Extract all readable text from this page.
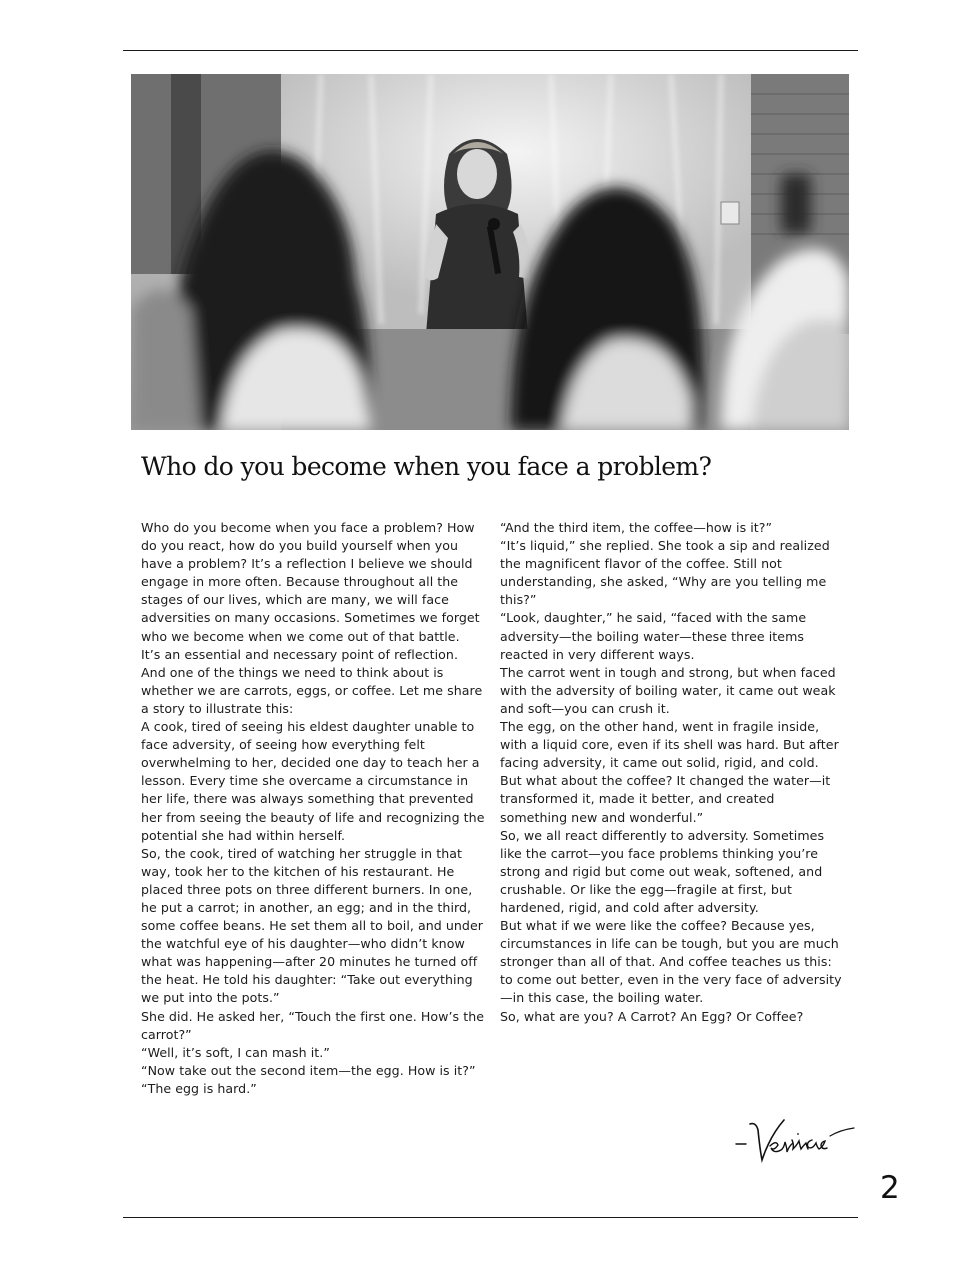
Who do you become when you face a problem?

Who do you become when you face a problem? How do you react, how do you build yourself when you have a problem? It’s a reflection I believe we should engage in more often. Because throughout all the stages of our lives, which are many, we will face adversities on many occasions. Sometimes we forget who we become when we come out of that battle.

It’s an essential and necessary point of reflection. And one of the things we need to think about is whether we are carrots, eggs, or coffee. Let me share a story to illustrate this:

A cook, tired of seeing his eldest daughter unable to face adversity, of seeing how everything felt overwhelming to her, decided one day to teach her a lesson. Every time she overcame a circumstance in her life, there was always something that prevented her from seeing the beauty of life and recognizing the potential she had within herself.

So, the cook, tired of watching her struggle in that way, took her to the kitchen of his restaurant. He placed three pots on three different burners. In one, he put a carrot; in another, an egg; and in the third, some coffee beans. He set them all to boil, and under the watchful eye of his daughter—who didn’t know what was happening—after 20 minutes he turned off the heat. He told his daughter: “Take out everything we put into the pots.”

She did. He asked her, “Touch the first one. How’s the carrot?”

“Well, it’s soft, I can mash it.”

“Now take out the second item—the egg. How is it?”

“The egg is hard.”

“And the third item, the coffee—how is it?”

“It’s liquid,” she replied. She took a sip and realized the magnificent flavor of the coffee. Still not understanding, she asked, “Why are you telling me this?”

“Look, daughter,” he said, “faced with the same adversity—the boiling water—these three items reacted in very different ways.

The carrot went in tough and strong, but when faced with the adversity of boiling water, it came out weak and soft—you can crush it.

The egg, on the other hand, went in fragile inside, with a liquid core, even if its shell was hard. But after facing adversity, it came out solid, rigid, and cold.

But what about the coffee? It changed the water—it transformed it, made it better, and created something new and wonderful.”

So, we all react differently to adversity. Sometimes like the carrot—you face problems thinking you’re strong and rigid but come out weak, softened, and crushable. Or like the egg—fragile at first, but hardened, rigid, and cold after adversity.

But what if we were like the coffee? Because yes, circumstances in life can be tough, but you are much stronger than all of that. And coffee teaches us this: to come out better, even in the very face of adversity—in this case, the boiling water.

So, what are you? A Carrot? An Egg? Or Coffee?

2
